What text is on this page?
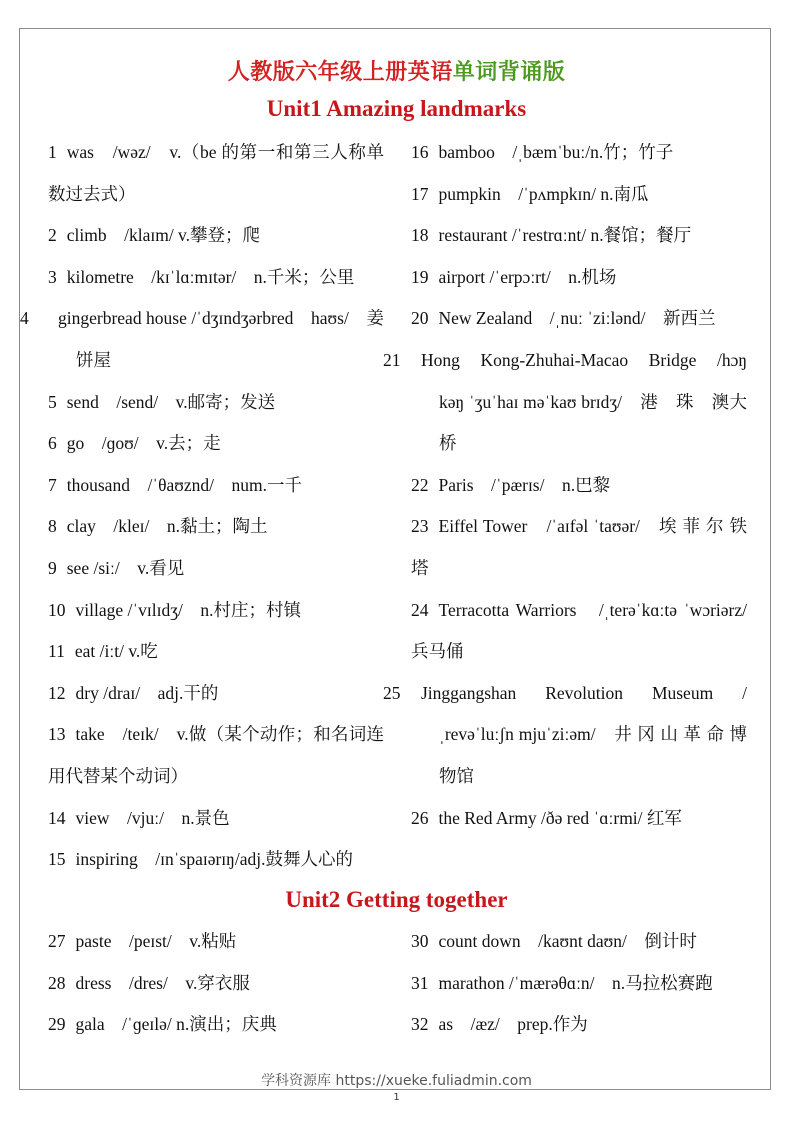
人教版六年级上册英语单词背诵版
Unit1 Amazing landmarks
1 was　/wəz/　v.（be 的第一和第三人称单数过去式）
2 climb　/klaɪm/ v.攀登；爬
3 kilometre　/kɪˈlɑːmɪtər/　n.千米；公里
4 gingerbread house /ˈdʒɪndʒərbred　haʊs/　姜饼屋
5 send　/send/　v.邮寄；发送
6 go　/ɡoʊ/　v.去；走
7 thousand　/ˈθaʊznd/　num.一千
8 clay　/kleɪ/　n.黏土；陶土
9 see /siː/　v.看见
10 village /ˈvɪlɪdʒ/　n.村庄；村镇
11 eat /iːt/ v.吃
12 dry /draɪ/　adj.干的
13 take　/teɪk/　v.做（某个动作；和名词连用代替某个动词）
14 view　/vjuː/　n.景色
15 inspiring　/ɪnˈspaɪərɪŋ/adj.鼓舞人心的
16 bamboo　/ˌbæmˈbuː/n.竹；竹子
17 pumpkin　/ˈpʌmpkɪn/ n.南瓜
18 restaurant /ˈrestrɑːnt/ n.餐馆；餐厅
19 airport /ˈerpɔːrt/　n.机场
20 New Zealand　/ˌnuː ˈziːlənd/　新西兰
21 Hong　Kong-Zhuhai-Macao　Bridge　/hɔŋ kəŋ ˈʒuˈhaɪ məˈkaʊ brɪdʒ/　港　珠　澳大桥
22 Paris　/ˈpærɪs/　n.巴黎
23 Eiffel Tower　/ˈaɪfəl ˈtaʊər/　埃 菲 尔 铁 塔
24 Terracotta Warriors　/ˌterəˈkɑːtə ˈwɔriərz/　兵马俑
25 Jinggangshan　Revolution　Museum　/ˌrevəˈluːʃn mjuˈziːəm/　井 冈 山 革 命 博物馆
26 the Red Army /ðə red ˈɑːrmi/ 红军
Unit2 Getting together
27 paste　/peɪst/　v.粘贴
28 dress　/dres/　v.穿衣服
29 gala　/ˈɡeɪlə/ n.演出；庆典
30 count down　/kaʊnt daʊn/　倒计时
31 marathon /ˈmærəθɑːn/　n.马拉松赛跑
32 as　/æz/　prep.作为
学科资源库 https://xueke.fuliadmin.com
1
